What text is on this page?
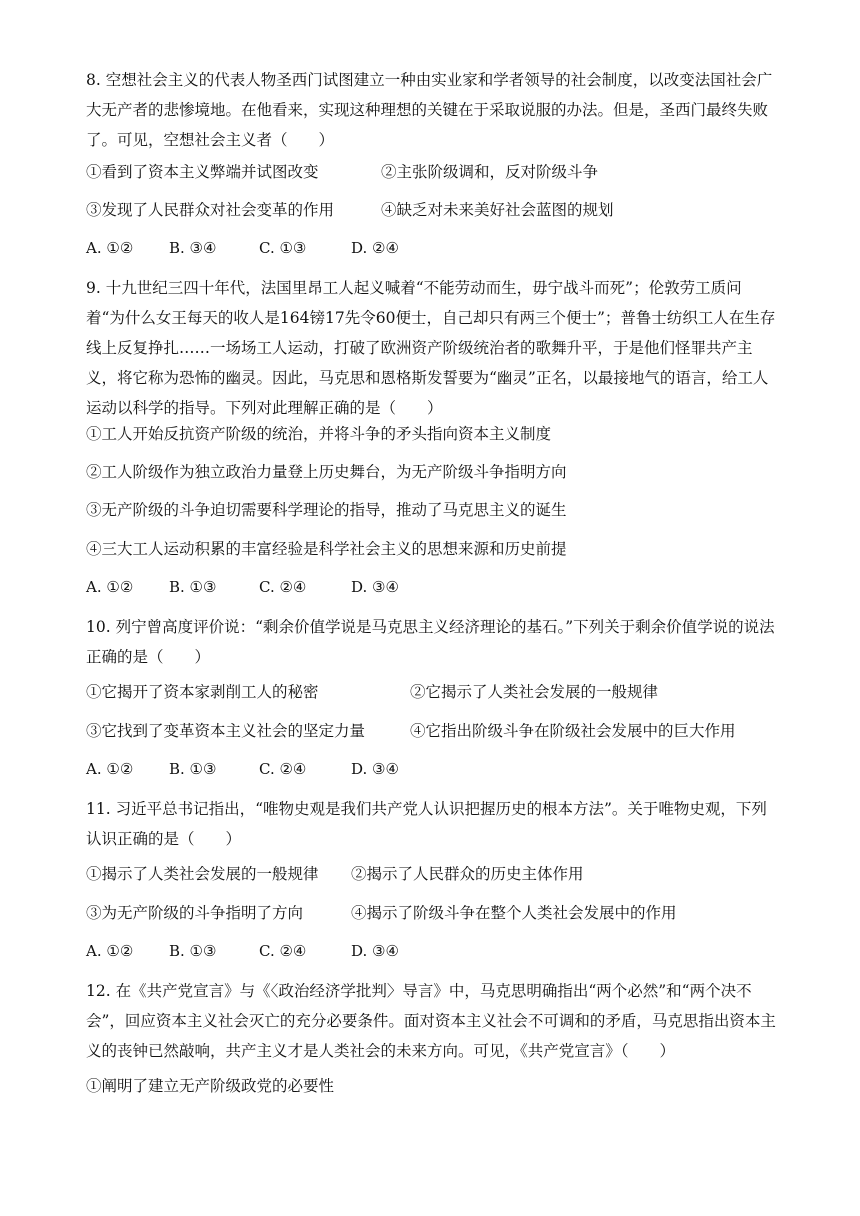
8. 空想社会主义的代表人物圣西门试图建立一种由实业家和学者领导的社会制度，以改变法国社会广大无产者的悲惨境地。在他看来，实现这种理想的关键在于采取说服的办法。但是，圣西门最终失败了。可见，空想社会主义者（　　）

①看到了资本主义弊端并试图改变	②主张阶级调和，反对阶级斗争
③发现了人民群众对社会变革的作用	④缺乏对未来美好社会蓝图的规划
A. ①② B. ③④	C. ①③	D. ②④

9. 十九世纪三四十年代，法国里昂工人起义喊着“不能劳动而生，毋宁战斗而死”；伦敦劳工质问着“为什么女王每天的收人是164镑17先令60便士，自己却只有两三个便士”；普鲁士纺织工人在生存线上反复挣扎……一场场工人运动，打破了欧洲资产阶级统治者的歌舞升平，于是他们怪罪共产主义，将它称为恐怖的幽灵。因此，马克思和恩格斯发誓要为“幽灵”正名，以最接地气的语言，给工人运动以科学的指导。下列对此理解正确的是（　　）

①工人开始反抗资产阶级的统治，并将斗争的矛头指向资本主义制度
②工人阶级作为独立政治力量登上历史舞台，为无产阶级斗争指明方向
③无产阶级的斗争迫切需要科学理论的指导，推动了马克思主义的诞生
④三大工人运动积累的丰富经验是科学社会主义的思想来源和历史前提
A. ①② B. ①③	C. ②④	D. ③④

10. 列宁曾高度评价说：“剩余价值学说是马克思主义经济理论的基石。”下列关于剩余价值学说的说法正确的是（　　）

①它揭开了资本家剥削工人的秘密	②它揭示了人类社会发展的一般规律
③它找到了变革资本主义社会的坚定力量	④它指出阶级斗争在阶级社会发展中的巨大作用
A. ①② B. ①③	C. ②④	D. ③④

11. 习近平总书记指出，“唯物史观是我们共产党人认识把握历史的根本方法”。关于唯物史观，下列认识正确的是（　　）

①揭示了人类社会发展的一般规律 ②揭示了人民群众的历史主体作用
③为无产阶级的斗争指明了方向	④揭示了阶级斗争在整个人类社会发展中的作用
A. ①② B. ①③	C. ②④	D. ③④

12. 在《共产党宣言》与《〈政治经济学批判〉导言》中，马克思明确指出“两个必然”和“两个决不会”，回应资本主义社会灭亡的充分必要条件。面对资本主义社会不可调和的矛盾，马克思指出资本主义的丧钟已然敲响，共产主义才是人类社会的未来方向。可见，《共产党宣言》（　　）

①阐明了建立无产阶级政党的必要性
